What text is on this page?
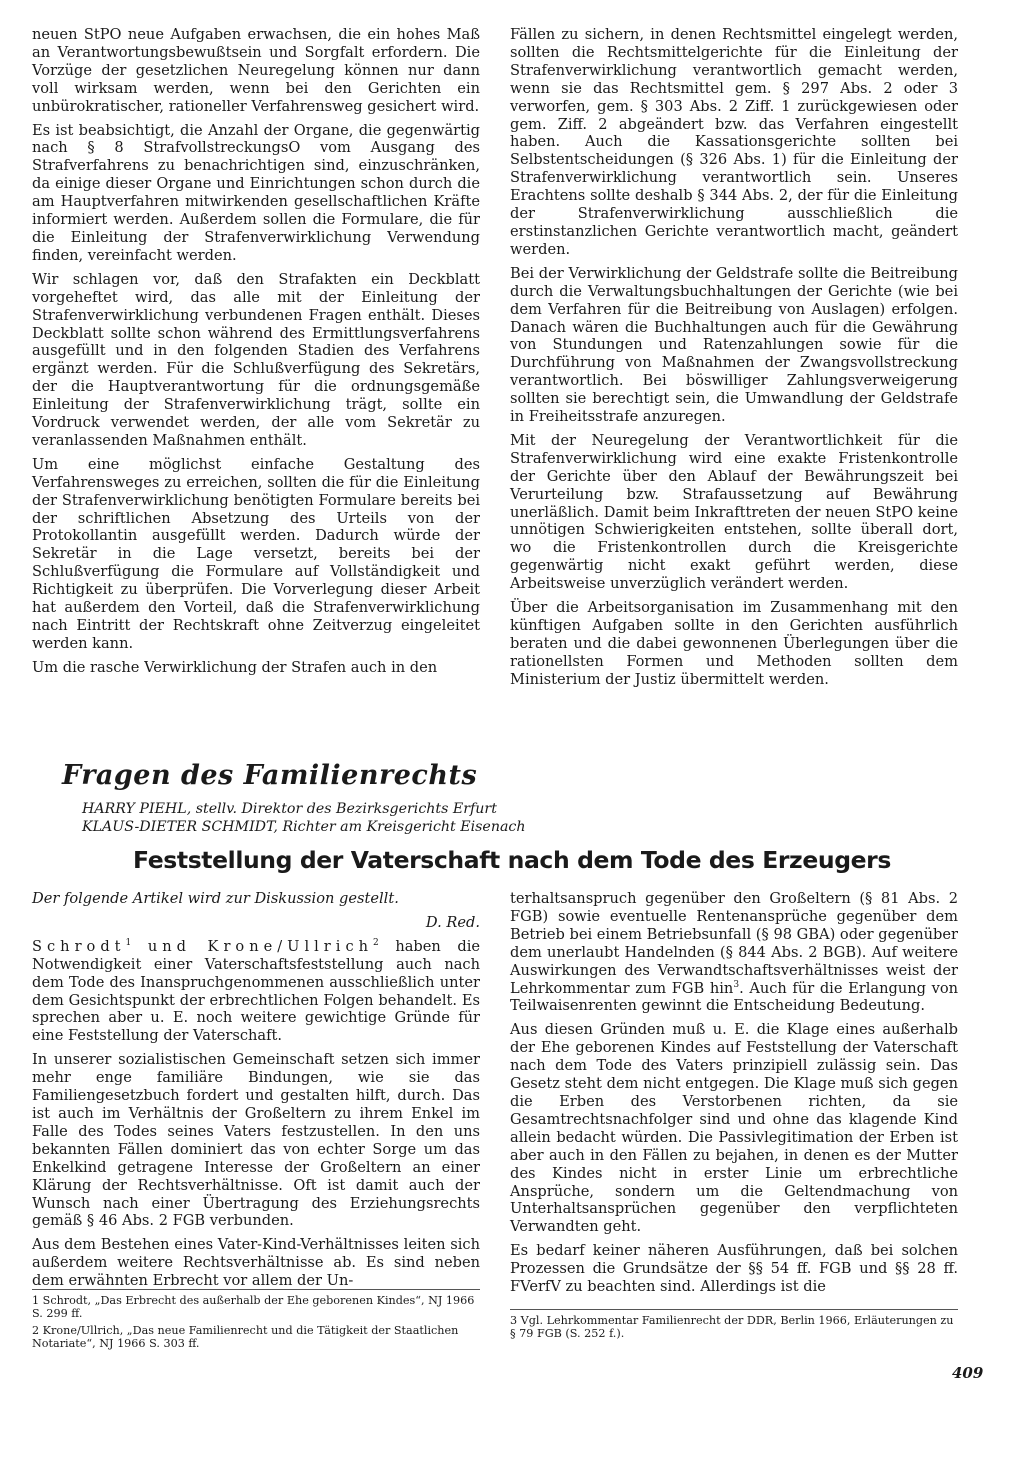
neuen StPO neue Aufgaben erwachsen, die ein hohes Maß an Verantwortungsbewußtsein und Sorgfalt erfordern. Die Vorzüge der gesetzlichen Neuregelung können nur dann voll wirksam werden, wenn bei den Gerichten ein unbürokratischer, rationeller Verfahrensweg gesichert wird.

Es ist beabsichtigt, die Anzahl der Organe, die gegenwärtig nach § 8 StrafvollstreckungsO vom Ausgang des Strafverfahrens zu benachrichtigen sind, einzuschränken, da einige dieser Organe und Einrichtungen schon durch die am Hauptverfahren mitwirkenden gesellschaftlichen Kräfte informiert werden. Außerdem sollen die Formulare, die für die Einleitung der Strafenverwirklichung Verwendung finden, vereinfacht werden.

Wir schlagen vor, daß den Strafakten ein Deckblatt vorgeheftet wird, das alle mit der Einleitung der Strafenverwirklichung verbundenen Fragen enthält. Dieses Deckblatt sollte schon während des Ermittlungsverfahrens ausgefüllt und in den folgenden Stadien des Verfahrens ergänzt werden. Für die Schlußverfügung des Sekretärs, der die Hauptverantwortung für die ordnungsgemäße Einleitung der Strafenverwirklichung trägt, sollte ein Vordruck verwendet werden, der alle vom Sekretär zu veranlassenden Maßnahmen enthält.

Um eine möglichst einfache Gestaltung des Verfahrensweges zu erreichen, sollten die für die Einleitung der Strafenverwirklichung benötigten Formulare bereits bei der schriftlichen Absetzung des Urteils von der Protokollantin ausgefüllt werden. Dadurch würde der Sekretär in die Lage versetzt, bereits bei der Schlußverfügung die Formulare auf Vollständigkeit und Richtigkeit zu überprüfen. Die Vorverlegung dieser Arbeit hat außerdem den Vorteil, daß die Strafenverwirklichung nach Eintritt der Rechtskraft ohne Zeitverzug eingeleitet werden kann.

Um die rasche Verwirklichung der Strafen auch in den

Fällen zu sichern, in denen Rechtsmittel eingelegt werden, sollten die Rechtsmittelgerichte für die Einleitung der Strafenverwirklichung verantwortlich gemacht werden, wenn sie das Rechtsmittel gem. § 297 Abs. 2 oder 3 verworfen, gem. § 303 Abs. 2 Ziff. 1 zurückgewiesen oder gem. Ziff. 2 abgeändert bzw. das Verfahren eingestellt haben. Auch die Kassationsgerichte sollten bei Selbstentscheidungen (§ 326 Abs. 1) für die Einleitung der Strafenverwirklichung verantwortlich sein. Unseres Erachtens sollte deshalb § 344 Abs. 2, der für die Einleitung der Strafenverwirklichung ausschließlich die erstinstanzlichen Gerichte verantwortlich macht, geändert werden.

Bei der Verwirklichung der Geldstrafe sollte die Beitreibung durch die Verwaltungsbuchhaltungen der Gerichte (wie bei dem Verfahren für die Beitreibung von Auslagen) erfolgen. Danach wären die Buchhaltungen auch für die Gewährung von Stundungen und Ratenzahlungen sowie für die Durchführung von Maßnahmen der Zwangsvollstreckung verantwortlich. Bei böswilliger Zahlungsverweigerung sollten sie berechtigt sein, die Umwandlung der Geldstrafe in Freiheitsstrafe anzuregen.

Mit der Neuregelung der Verantwortlichkeit für die Strafenverwirklichung wird eine exakte Fristenkontrolle der Gerichte über den Ablauf der Bewährungszeit bei Verurteilung bzw. Strafaussetzung auf Bewährung unerläßlich. Damit beim Inkrafttreten der neuen StPO keine unnötigen Schwierigkeiten entstehen, sollte überall dort, wo die Fristenkontrollen durch die Kreisgerichte gegenwärtig nicht exakt geführt werden, diese Arbeitsweise unverzüglich verändert werden.

Über die Arbeitsorganisation im Zusammenhang mit den künftigen Aufgaben sollte in den Gerichten ausführlich beraten und die dabei gewonnenen Überlegungen über die rationellsten Formen und Methoden sollten dem Ministerium der Justiz übermittelt werden.

Fragen des Familienrechts
HARRY PIEHL, stellv. Direktor des Bezirksgerichts Erfurt
KLAUS-DIETER SCHMIDT, Richter am Kreisgericht Eisenach
Feststellung der Vaterschaft nach dem Tode des Erzeugers

Der folgende Artikel wird zur Diskussion gestellt.

D. Red.

Schrodt$^1$ und Krone/Ullrich$^2$ haben die Notwendigkeit einer Vaterschaftsfeststellung auch nach dem Tode des Inanspruchgenommenen ausschließlich unter dem Gesichtspunkt der erbrechtlichen Folgen behandelt. Es sprechen aber u. E. noch weitere gewichtige Gründe für eine Feststellung der Vaterschaft.

In unserer sozialistischen Gemeinschaft setzen sich immer mehr enge familiäre Bindungen, wie sie das Familiengesetzbuch fordert und gestalten hilft, durch. Das ist auch im Verhältnis der Großeltern zu ihrem Enkel im Falle des Todes seines Vaters festzustellen. In den uns bekannten Fällen dominiert das von echter Sorge um das Enkelkind getragene Interesse der Großeltern an einer Klärung der Rechtsverhältnisse. Oft ist damit auch der Wunsch nach einer Übertragung des Erziehungsrechts gemäß § 46 Abs. 2 FGB verbunden.

Aus dem Bestehen eines Vater-Kind-Verhältnisses leiten sich außerdem weitere Rechtsverhältnisse ab. Es sind neben dem erwähnten Erbrecht vor allem der Un-

terhaltsanspruch gegenüber den Großeltern (§ 81 Abs. 2 FGB) sowie eventuelle Rentenansprüche gegenüber dem Betrieb bei einem Betriebsunfall (§ 98 GBA) oder gegenüber dem unerlaubt Handelnden (§ 844 Abs. 2 BGB). Auf weitere Auswirkungen des Verwandtschaftsverhältnisses weist der Lehrkommentar zum FGB hin$^3$. Auch für die Erlangung von Teilwaisenrenten gewinnt die Entscheidung Bedeutung.

Aus diesen Gründen muß u. E. die Klage eines außerhalb der Ehe geborenen Kindes auf Feststellung der Vaterschaft nach dem Tode des Vaters prinzipiell zulässig sein. Das Gesetz steht dem nicht entgegen. Die Klage muß sich gegen die Erben des Verstorbenen richten, da sie Gesamtrechtsnachfolger sind und ohne das klagende Kind allein bedacht würden. Die Passivlegitimation der Erben ist aber auch in den Fällen zu bejahen, in denen es der Mutter des Kindes nicht in erster Linie um erbrechtliche Ansprüche, sondern um die Geltendmachung von Unterhaltsansprüchen gegenüber den verpflichteten Verwandten geht.

Es bedarf keiner näheren Ausführungen, daß bei solchen Prozessen die Grundsätze der §§ 54 ff. FGB und §§ 28 ff. FVerfV zu beachten sind. Allerdings ist die

1 Schrodt, „Das Erbrecht des außerhalb der Ehe geborenen Kindes“, NJ 1966 S. 299 ff.

2 Krone/Ullrich, „Das neue Familienrecht und die Tätigkeit der Staatlichen Notariate“, NJ 1966 S. 303 ff.

3 Vgl. Lehrkommentar Familienrecht der DDR, Berlin 1966, Erläuterungen zu § 79 FGB (S. 252 f.).

409
